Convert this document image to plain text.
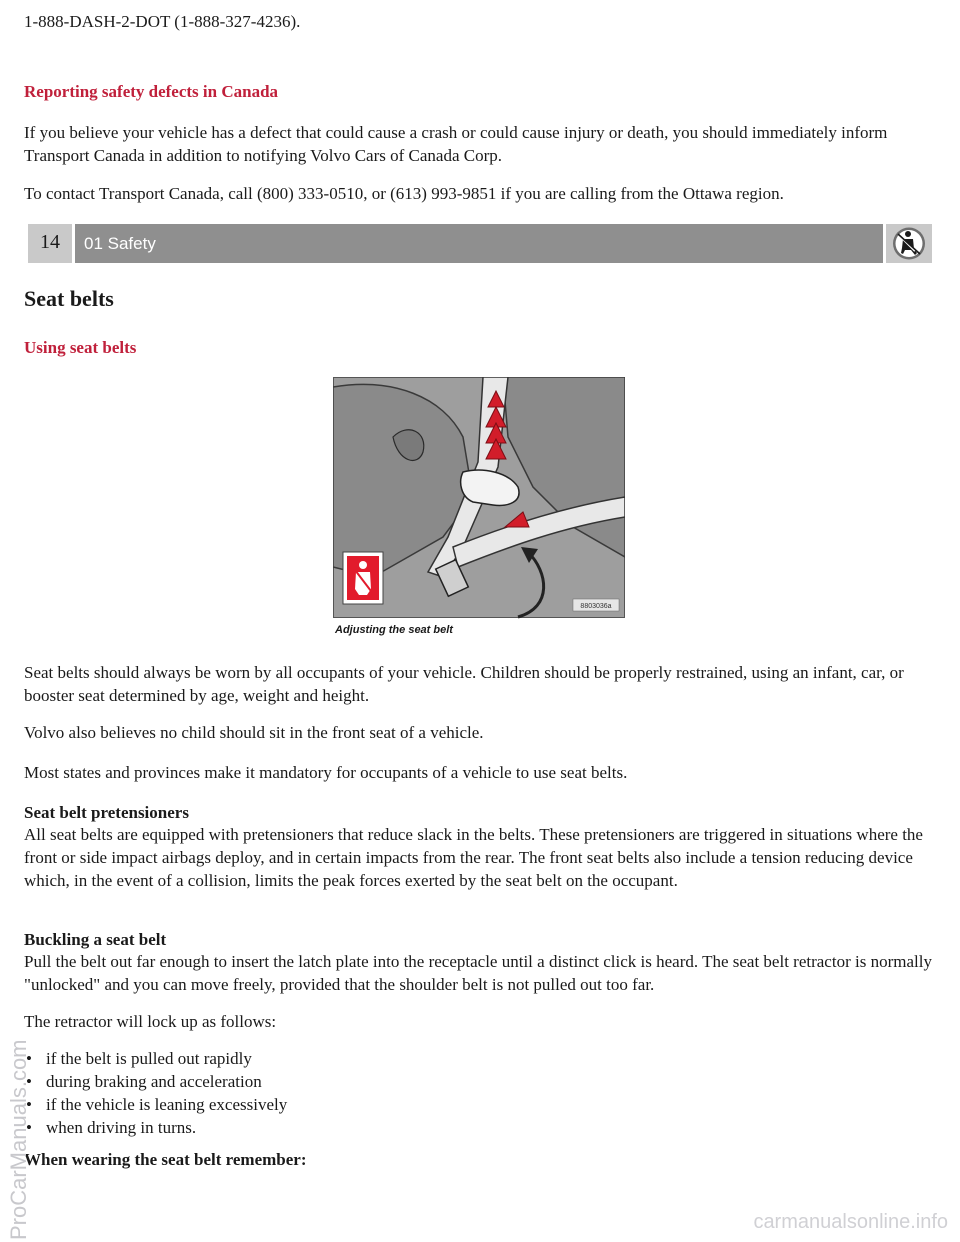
1-888-DASH-2-DOT (1-888-327-4236).

Reporting safety defects in Canada

If you believe your vehicle has a defect that could cause a crash or could cause injury or death, you should immediately inform Transport Canada in addition to notifying Volvo Cars of Canada Corp.

To contact Transport Canada, call (800) 333-0510, or (613) 993-9851 if you are calling from the Ottawa region.

14	01 Safety
Seat belts

Using seat belts

8803036a
Adjusting the seat belt

Seat belts should always be worn by all occupants of your vehicle. Children should be properly restrained, using an infant, car, or booster seat determined by age, weight and height.

Volvo also believes no child should sit in the front seat of a vehicle.

Most states and provinces make it mandatory for occupants of a vehicle to use seat belts.

Seat belt pretensioners

All seat belts are equipped with pretensioners that reduce slack in the belts. These pretensioners are triggered in situations where the front or side impact airbags deploy, and in certain impacts from the rear. The front seat belts also include a tension reducing device which, in the event of a collision, limits the peak forces exerted by the seat belt on the occupant.

Buckling a seat belt

Pull the belt out far enough to insert the latch plate into the receptacle until a distinct click is heard. The seat belt retractor is normally "unlocked" and you can move freely, provided that the shoulder belt is not pulled out too far.

The retractor will lock up as follows:

• if the belt is pulled out rapidly
• during braking and acceleration
• if the vehicle is leaning excessively
• when driving in turns.

When wearing the seat belt remember:

ProCarManuals.com	carmanualsonline.info
